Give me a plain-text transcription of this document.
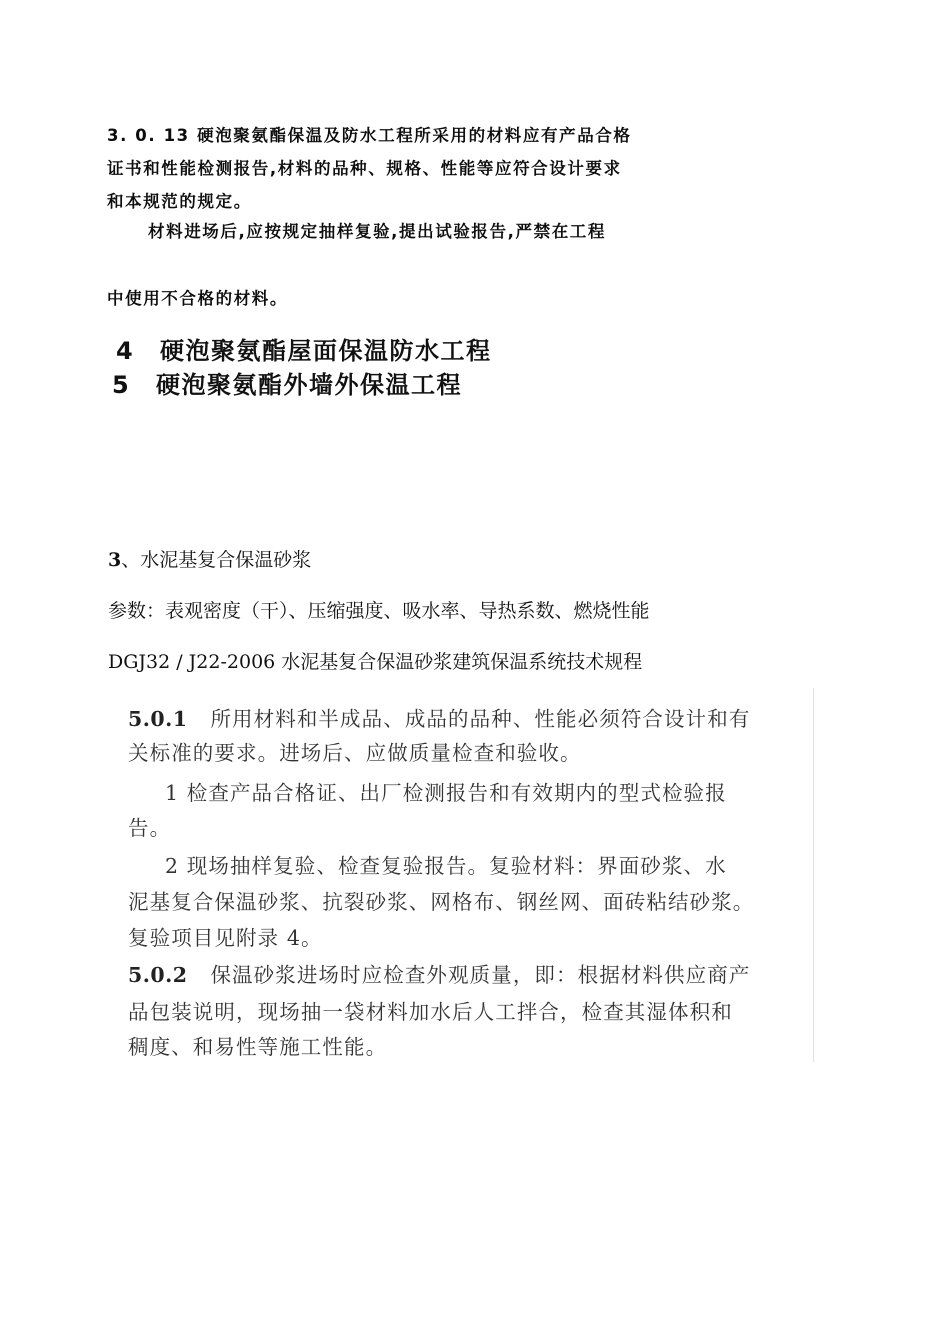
3. 0. 13 硬泡聚氨酯保温及防水工程所采用的材料应有产品合格
证书和性能检测报告,材料的品种、规格、性能等应符合设计要求
和本规范的规定。
材料进场后,应按规定抽样复验,提出试验报告,严禁在工程
中使用不合格的材料。
4 硬泡聚氨酯屋面保温防水工程
5 硬泡聚氨酯外墙外保温工程
3、水泥基复合保温砂浆
参数：表观密度（干）、压缩强度、吸水率、导热系数、燃烧性能
DGJ32 / J22-2006 水泥基复合保温砂浆建筑保温系统技术规程
5.0.1 所用材料和半成品、成品的品种、性能必须符合设计和有
关标准的要求。进场后、应做质量检查和验收。
1 检查产品合格证、出厂检测报告和有效期内的型式检验报
告。
2 现场抽样复验、检查复验报告。复验材料：界面砂浆、水
泥基复合保温砂浆、抗裂砂浆、网格布、钢丝网、面砖粘结砂浆。
复验项目见附录 4。
5.0.2 保温砂浆进场时应检查外观质量，即：根据材料供应商产
品包装说明，现场抽一袋材料加水后人工拌合，检查其湿体积和
稠度、和易性等施工性能。
